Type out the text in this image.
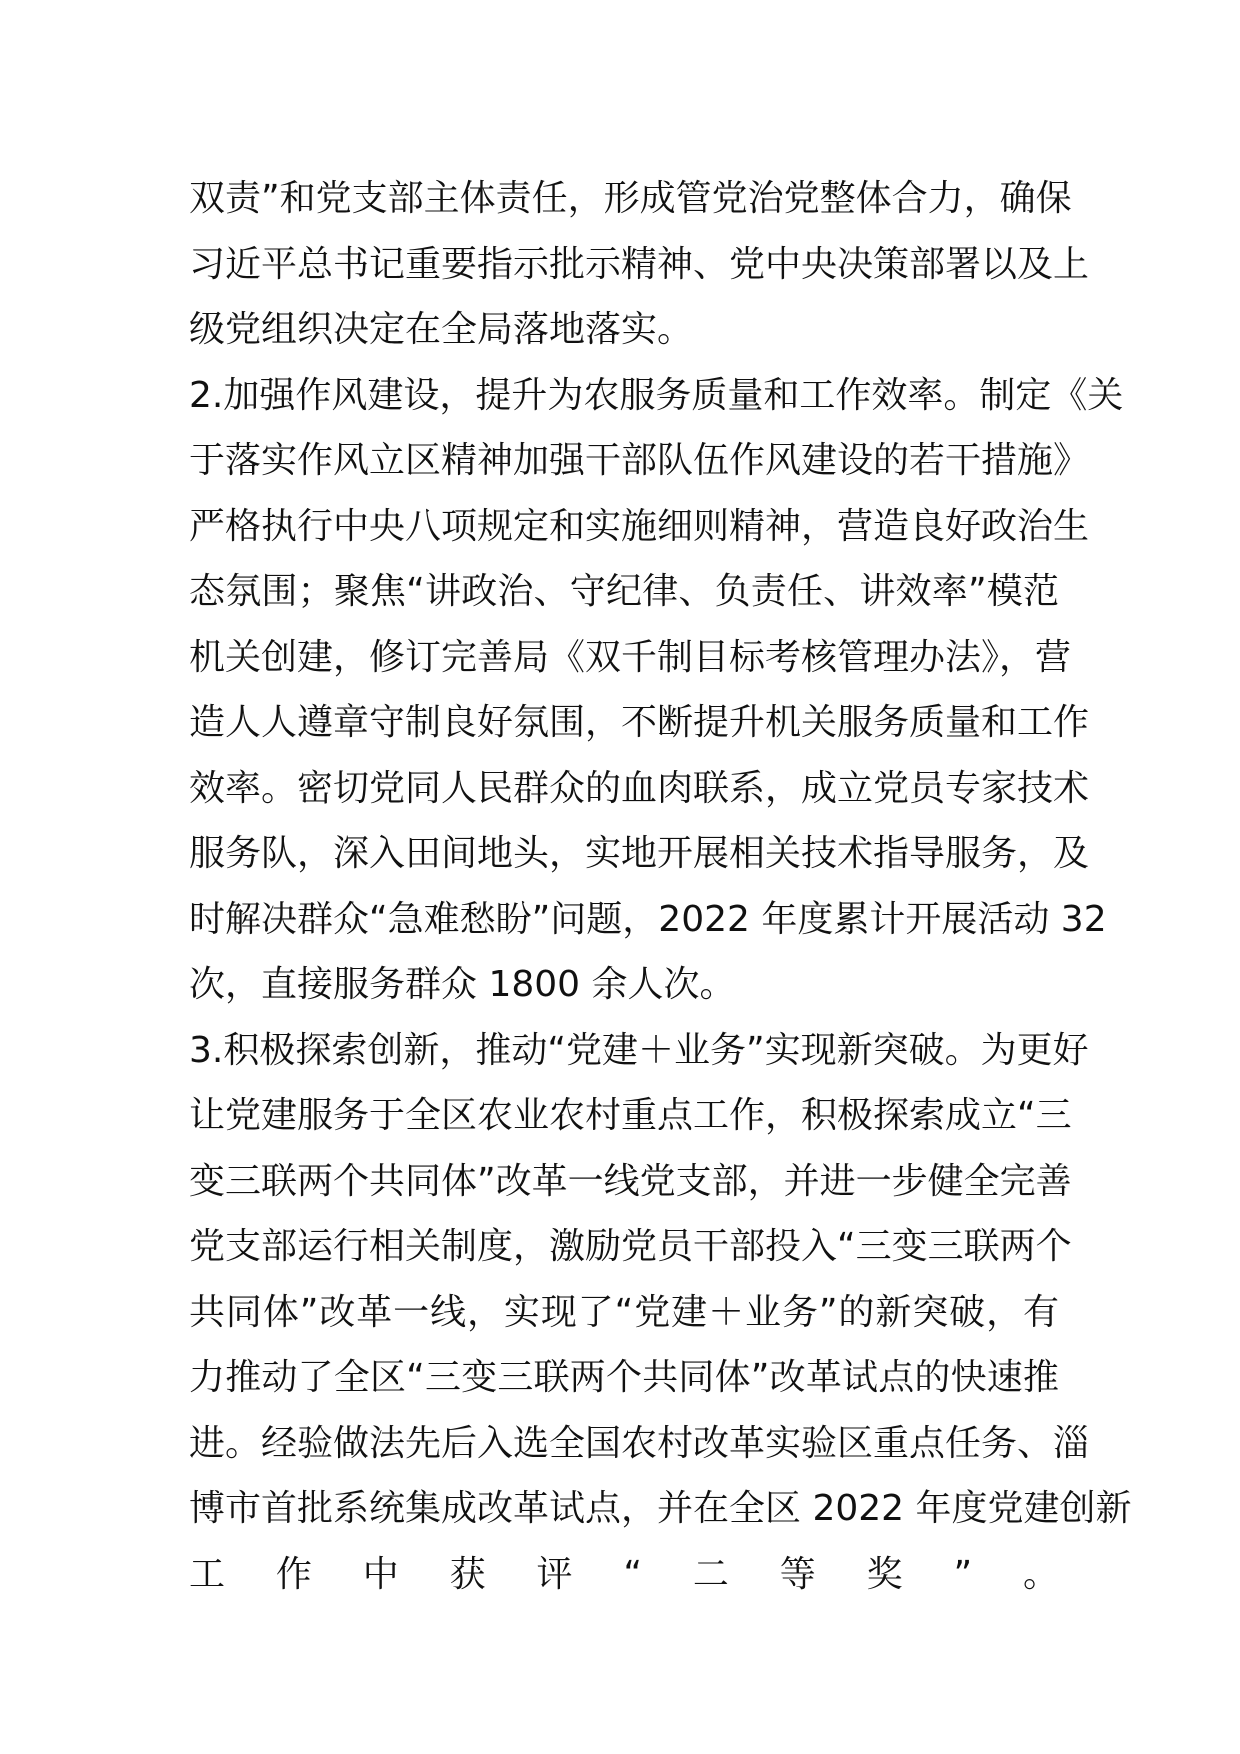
双责”和党支部主体责任，形成管党治党整体合力，确保
习近平总书记重要指示批示精神、党中央决策部署以及上
级党组织决定在全局落地落实。
2.加强作风建设，提升为农服务质量和工作效率。制定《关
于落实作风立区精神加强干部队伍作风建设的若干措施》
严格执行中央八项规定和实施细则精神，营造良好政治生
态氛围；聚焦“讲政治、守纪律、负责任、讲效率”模范
机关创建，修订完善局《双千制目标考核管理办法》，营
造人人遵章守制良好氛围，不断提升机关服务质量和工作
效率。密切党同人民群众的血肉联系，成立党员专家技术
服务队，深入田间地头，实地开展相关技术指导服务，及
时解决群众“急难愁盼”问题，2022 年度累计开展活动 32
次，直接服务群众 1800 余人次。
3.积极探索创新，推动“党建＋业务”实现新突破。为更好
让党建服务于全区农业农村重点工作，积极探索成立“三
变三联两个共同体”改革一线党支部，并进一步健全完善
党支部运行相关制度，激励党员干部投入“三变三联两个
共同体”改革一线，实现了“党建＋业务”的新突破，有
力推动了全区“三变三联两个共同体”改革试点的快速推
进。经验做法先后入选全国农村改革实验区重点任务、淄
博市首批系统集成改革试点，并在全区 2022 年度党建创新
工作中获评“二等奖”。
